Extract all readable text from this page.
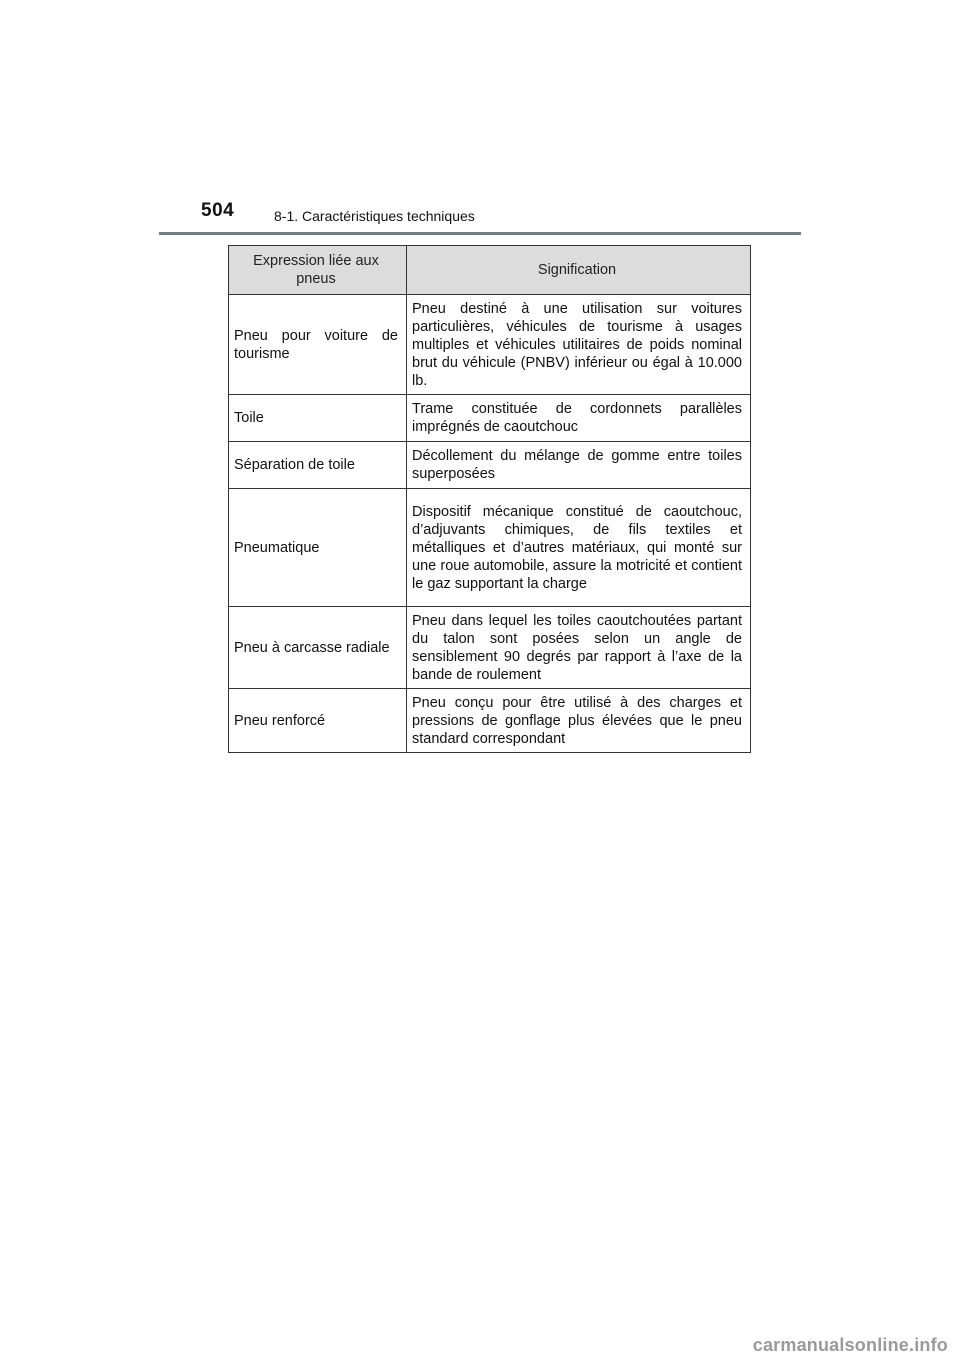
504	8-1. Caractéristiques techniques
Expression liée aux pneus	Signification
Pneu pour voiture de tourisme	Pneu destiné à une utilisation sur voitures particulières, véhicules de tourisme à usages multiples et véhicules utilitaires de poids nominal brut du véhicule (PNBV) inférieur ou égal à 10.000 lb.
Toile	Trame constituée de cordonnets parallèles imprégnés de caoutchouc
Séparation de toile	Décollement du mélange de gomme entre toiles superposées
Pneumatique	Dispositif mécanique constitué de caoutchouc, d’adjuvants chimiques, de fils textiles et métalliques et d’autres matériaux, qui monté sur une roue automobile, assure la motricité et contient le gaz supportant la charge
Pneu à carcasse radiale	Pneu dans lequel les toiles caoutchoutées partant du talon sont posées selon un angle de sensiblement 90 degrés par rapport à l’axe de la bande de roulement
Pneu renforcé	Pneu conçu pour être utilisé à des charges et pressions de gonflage plus élevées que le pneu standard correspondant
carmanualsonline.info
